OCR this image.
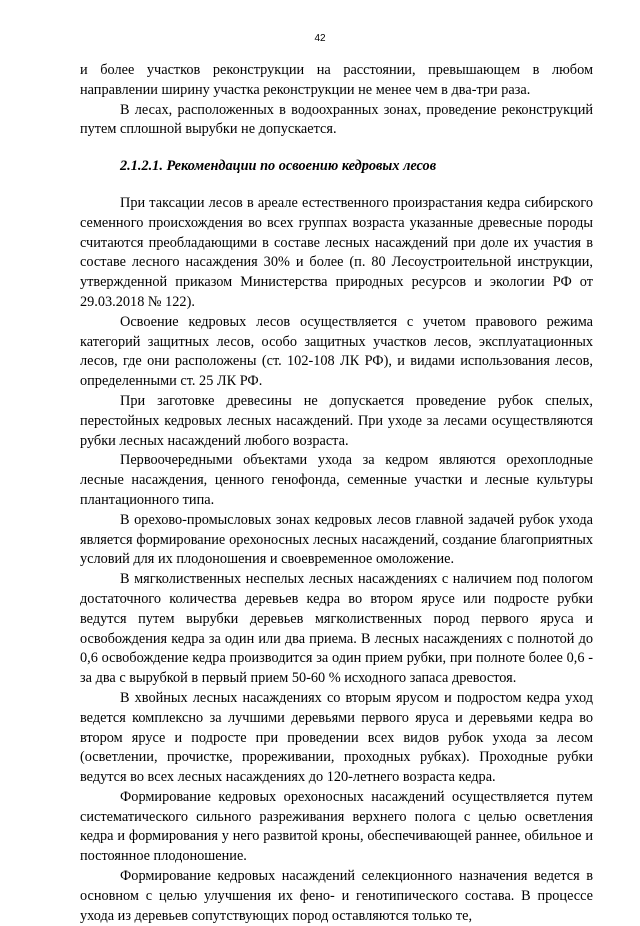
42

и более участков реконструкции на расстоянии, превышающем в любом направлении ширину участка реконструкции не менее чем в два-три раза.

В лесах, расположенных в водоохранных зонах, проведение реконструкций путем сплошной вырубки не допускается.

2.1.2.1. Рекомендации по освоению кедровых лесов

При таксации лесов в ареале естественного произрастания кедра сибирского семенного происхождения во всех группах возраста указанные древесные породы считаются преобладающими в составе лесных насаждений при доле их участия в составе лесного насаждения 30% и более (п. 80 Лесоустроительной инструкции, утвержденной приказом Министерства природных ресурсов и экологии РФ от 29.03.2018 № 122).

Освоение кедровых лесов осуществляется с учетом правового режима категорий защитных лесов, особо защитных участков лесов, эксплуатационных лесов, где они расположены (ст. 102-108 ЛК РФ), и видами использования лесов, определенными ст. 25 ЛК РФ.

При заготовке древесины не допускается проведение рубок спелых, перестойных кедровых лесных насаждений. При уходе за лесами осуществляются рубки лесных насаждений любого возраста.

Первоочередными объектами ухода за кедром являются орехоплодные лесные насаждения, ценного генофонда, семенные участки и лесные культуры плантационного типа.

В орехово-промысловых зонах кедровых лесов главной задачей рубок ухода является формирование орехоносных лесных насаждений, создание благоприятных условий для их плодоношения и своевременное омоложение.

В мягколиственных неспелых лесных насаждениях с наличием под пологом достаточного количества деревьев кедра во втором ярусе или подросте рубки ведутся путем вырубки деревьев мягколиственных пород первого яруса и освобождения кедра за один или два приема. В лесных насаждениях с полнотой до 0,6 освобождение кедра производится за один прием рубки, при полноте более 0,6 - за два с вырубкой в первый прием 50-60 % исходного запаса древостоя.

В хвойных лесных насаждениях со вторым ярусом и подростом кедра уход ведется комплексно за лучшими деревьями первого яруса и деревьями кедра во втором ярусе и подросте при проведении всех видов рубок ухода за лесом (осветлении, прочистке, прореживании, проходных рубках). Проходные рубки ведутся во всех лесных насаждениях до 120-летнего возраста кедра.

Формирование кедровых орехоносных насаждений осуществляется путем систематического сильного разреживания верхнего полога с целью осветления кедра и формирования у него развитой кроны, обеспечивающей раннее, обильное и постоянное плодоношение.

Формирование кедровых насаждений селекционного назначения ведется в основном с целью улучшения их фено- и генотипического состава. В процессе ухода из деревьев сопутствующих пород оставляются только те,
